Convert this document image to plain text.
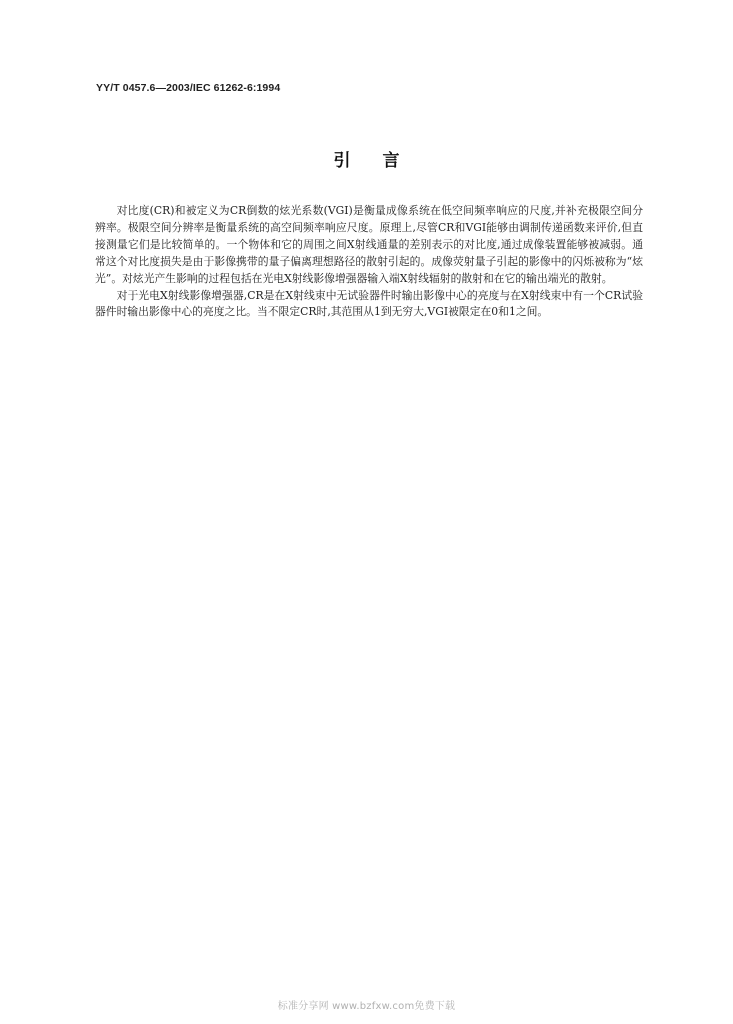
YY/T 0457.6—2003/IEC 61262-6:1994
引言

对比度(CR)和被定义为CR倒数的炫光系数(VGI)是衡量成像系统在低空间频率响应的尺度,并补充极限空间分辨率。极限空间分辨率是衡量系统的高空间频率响应尺度。原理上,尽管CR和VGI能够由调制传递函数来评价,但直接测量它们是比较简单的。一个物体和它的周围之间X射线通量的差别表示的对比度,通过成像装置能够被减弱。通常这个对比度损失是由于影像携带的量子偏离理想路径的散射引起的。成像荧射量子引起的影像中的闪烁被称为“炫光”。对炫光产生影响的过程包括在光电X射线影像增强器输入端X射线辐射的散射和在它的输出端光的散射。

对于光电X射线影像增强器,CR是在X射线束中无试验器件时输出影像中心的亮度与在X射线束中有一个CR试验器件时输出影像中心的亮度之比。当不限定CR时,其范围从1到无穷大,VGI被限定在0和1之间。

标准分享网 www.bzfxw.com免费下载
